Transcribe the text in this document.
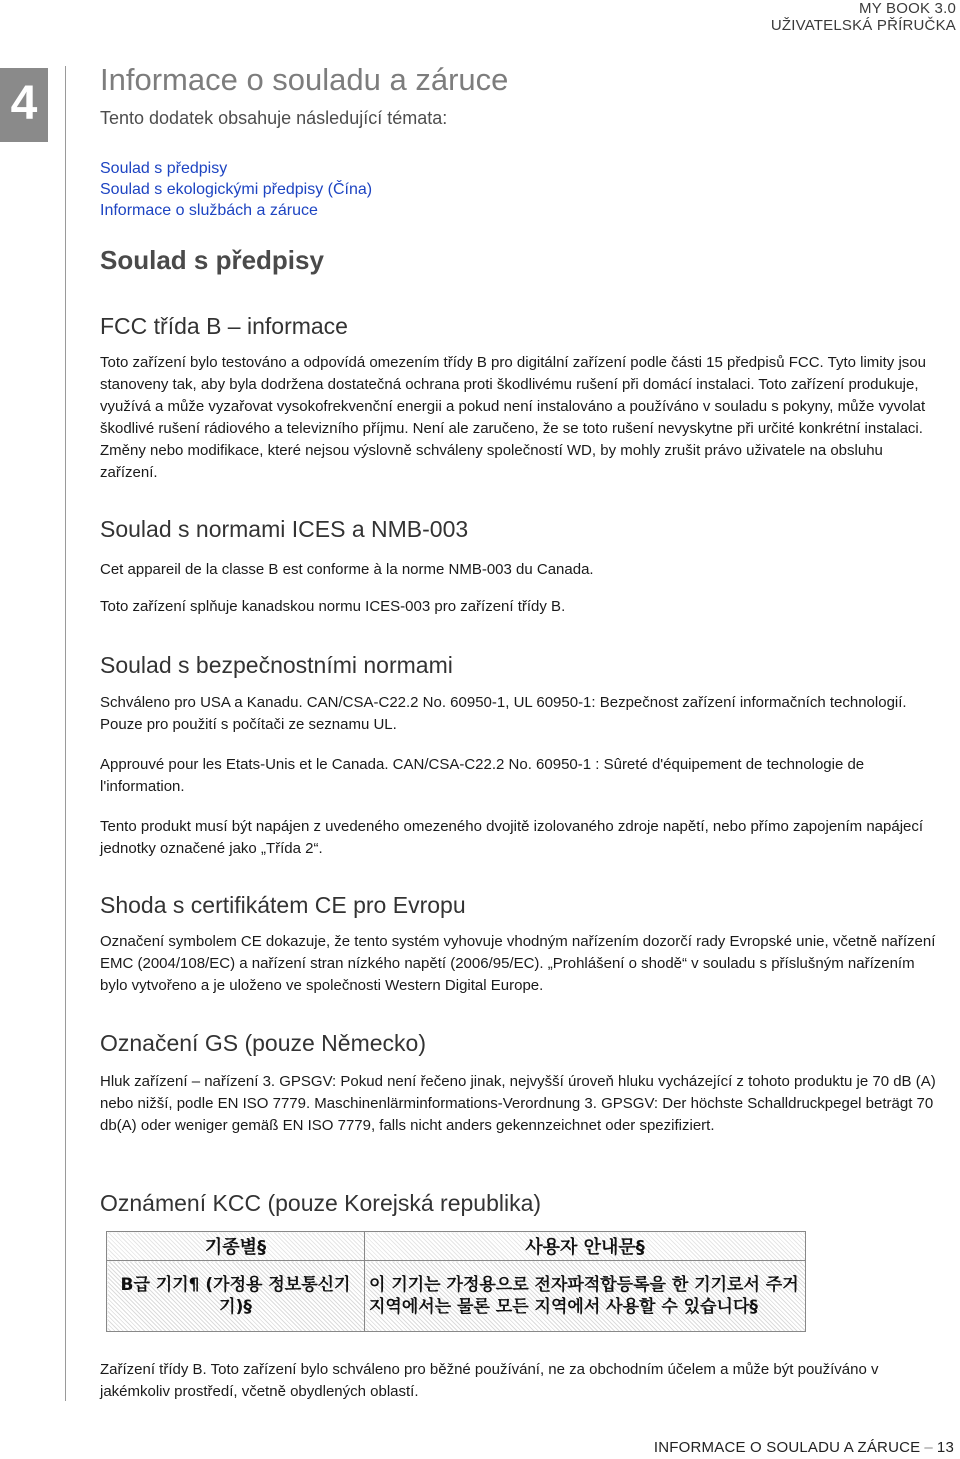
MY BOOK 3.0
UŽIVATELSKÁ PŘÍRUČKA
4	Informace o souladu a záruce
Tento dodatek obsahuje následující témata:
Soulad s předpisy
Soulad s ekologickými předpisy (Čína)
Informace o službách a záruce
Soulad s předpisy
FCC třída B – informace
Toto zařízení bylo testováno a odpovídá omezením třídy B pro digitální zařízení podle části 15 předpisů FCC. Tyto limity jsou stanoveny tak, aby byla dodržena dostatečná ochrana proti škodlivému rušení při domácí instalaci. Toto zařízení produkuje, využívá a může vyzařovat vysokofrekvenční energii a pokud není instalováno a používáno v souladu s pokyny, může vyvolat škodlivé rušení rádiového a televizního příjmu. Není ale zaručeno, že se toto rušení nevyskytne při určité konkrétní instalaci. Změny nebo modifikace, které nejsou výslovně schváleny společností WD, by mohly zrušit právo uživatele na obsluhu zařízení.
Soulad s normami ICES a NMB-003
Cet appareil de la classe B est conforme à la norme NMB-003 du Canada.
Toto zařízení splňuje kanadskou normu ICES-003 pro zařízení třídy B.
Soulad s bezpečnostními normami
Schváleno pro USA a Kanadu. CAN/CSA-C22.2 No. 60950-1, UL 60950-1: Bezpečnost zařízení informačních technologií. Pouze pro použití s počítači ze seznamu UL.
Approuvé pour les Etats-Unis et le Canada. CAN/CSA-C22.2 No. 60950-1 : Sûreté d'équipement de technologie de l'information.
Tento produkt musí být napájen z uvedeného omezeného dvojitě izolovaného zdroje napětí, nebo přímo zapojením napájecí jednotky označené jako „Třída 2“.
Shoda s certifikátem CE pro Evropu
Označení symbolem CE dokazuje, že tento systém vyhovuje vhodným nařízením dozorčí rady Evropské unie, včetně nařízení EMC (2004/108/EC) a nařízení stran nízkého napětí (2006/95/EC). „Prohlášení o shodě“ v souladu s příslušným nařízením bylo vytvořeno a je uloženo ve společnosti Western Digital Europe.
Označení GS (pouze Německo)
Hluk zařízení – nařízení 3. GPSGV: Pokud není řečeno jinak, nejvyšší úroveň hluku vycházející z tohoto produktu je 70 dB (A) nebo nižší, podle EN ISO 7779. Maschinenlärminformations-Verordnung 3. GPSGV: Der höchste Schalldruckpegel beträgt 70 db(A) oder weniger gemäß EN ISO 7779, falls nicht anders gekennzeichnet oder spezifiziert.
Oznámení KCC (pouze Korejská republika)
기종별§	사용자 안내문§
B급 기기¶ (가정용 정보통신기기)§	이 기기는 가정용으로 전자파적합등록을 한 기기로서 주거지역에서는 물론 모든 지역에서 사용할 수 있습니다§
Zařízení třídy B. Toto zařízení bylo schváleno pro běžné používání, ne za obchodním účelem a může být používáno v jakémkoliv prostředí, včetně obydlených oblastí.
INFORMACE O SOULADU A ZÁRUCE – 13
